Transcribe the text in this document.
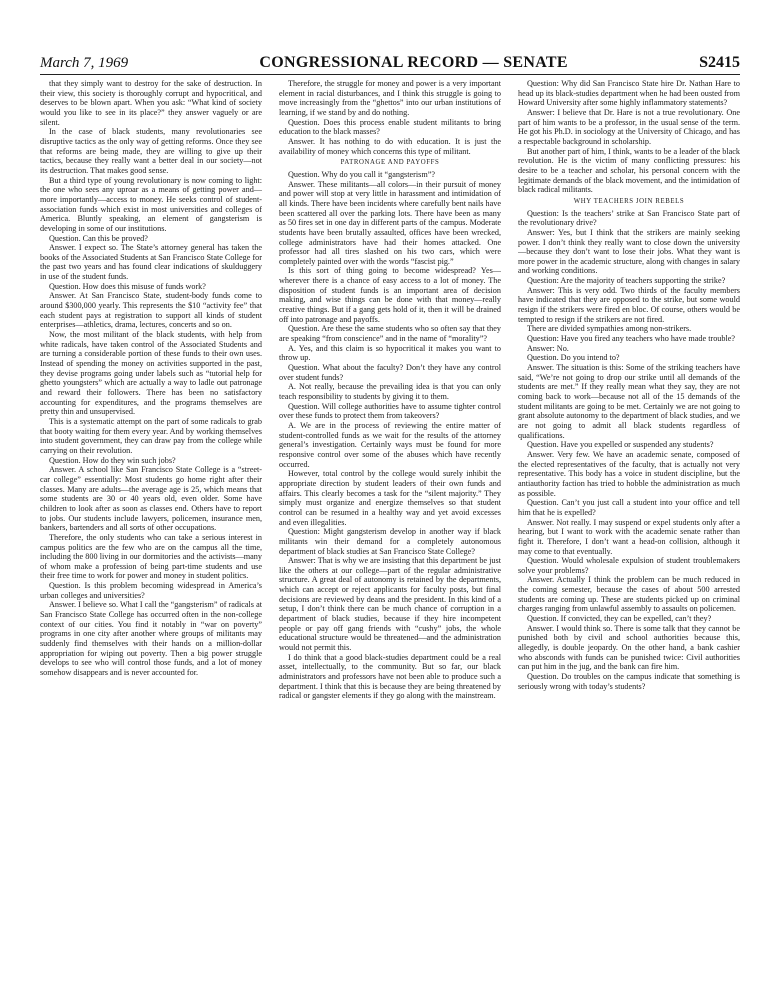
March 7, 1969	CONGRESSIONAL RECORD — SENATE	S2415

that they simply want to destroy for the sake of destruction. In their view, this society is thoroughly corrupt and hypocritical, and deserves to be blown apart. When you ask: “What kind of society would you like to see in its place?” they answer vaguely or are silent.

In the case of black students, many revolutionaries see disruptive tactics as the only way of getting reforms. Once they see that reforms are being made, they are willing to give up their tactics, because they really want a better deal in our society—not its destruction. That makes good sense.

But a third type of young revolutionary is now coming to light: the one who sees any uproar as a means of getting power and—more importantly—access to money. He seeks control of student-association funds which exist in most universities and colleges of America. Bluntly speaking, an element of gangsterism is developing in some of our institutions.

Question. Can this be proved?

Answer. I expect so. The State’s attorney general has taken the books of the Associated Students at San Francisco State College for the past two years and has found clear indications of skulduggery in use of the student funds.

Question. How does this misuse of funds work?

Answer. At San Francisco State, student-body funds come to around $300,000 yearly. This represents the $10 “activity fee” that each student pays at registration to support all kinds of student enterprises—athletics, drama, lectures, concerts and so on.

Now, the most militant of the black students, with help from white radicals, have taken control of the Associated Students and are turning a considerable portion of these funds to their own uses. Instead of spending the money on activities supported in the past, they devise programs going under labels such as “tutorial help for ghetto youngsters” which are actually a way to ladle out patronage and reward their followers. There has been no satisfactory accounting for expenditures, and the programs themselves are pretty thin and unsupervised.

This is a systematic attempt on the part of some radicals to grab that booty waiting for them every year. And by working themselves into student government, they can draw pay from the college while carrying on their revolution.

Question. How do they win such jobs?

Answer. A school like San Francisco State College is a “street-car college” essentially: Most students go home right after their classes. Many are adults—the average age is 25, which means that some students are 30 or 40 years old, even older. Some have children to look after as soon as classes end. Others have to report to jobs. Our students include lawyers, policemen, insurance men, bankers, bartenders and all sorts of other occupations.

Therefore, the only students who can take a serious interest in campus politics are the few who are on the campus all the time, including the 800 living in our dormitories and the activists—many of whom make a profession of being part-time students and use their free time to work for power and money in student politics.

Question. Is this problem becoming widespread in America’s urban colleges and universities?

Answer. I believe so. What I call the “gangsterism” of radicals at San Francisco State College has occurred often in the non-college context of our cities. You find it notably in “war on poverty” programs in one city after another where groups of militants may suddenly find themselves with their hands on a million-dollar appropriation for wiping out poverty. Then a big power struggle develops to see who will control those funds, and a lot of money somehow disappears and is never accounted for.

Therefore, the struggle for money and power is a very important element in racial disturbances, and I think this struggle is going to move increasingly from the “ghettos” into our urban institutions of learning, if we stand by and do nothing.

Question. Does this process enable student militants to bring education to the black masses?

Answer. It has nothing to do with education. It is just the availability of money which concerns this type of militant.

PATRONAGE AND PAYOFFS

Question. Why do you call it “gangsterism”?

Answer. These militants—all colors—in their pursuit of money and power will stop at very little in harassment and intimidation of all kinds. There have been incidents where carefully bent nails have been scattered all over the parking lots. There have been as many as 50 fires set in one day in different parts of the campus. Moderate students have been brutally assaulted, offices have been wrecked, college administrators have had their homes attacked. One professor had all tires slashed on his two cars, which were completely painted over with the words “fascist pig.”

Is this sort of thing going to become widespread? Yes—wherever there is a chance of easy access to a lot of money. The disposition of student funds is an important area of decision making, and wise things can be done with that money—really creative things. But if a gang gets hold of it, then it will be drained off into patronage and payoffs.

Question. Are these the same students who so often say that they are speaking “from conscience” and in the name of “morality”?

A. Yes, and this claim is so hypocritical it makes you want to throw up.

Question. What about the faculty? Don’t they have any control over student funds?

A. Not really, because the prevailing idea is that you can only teach responsibility to students by giving it to them.

Question. Will college authorities have to assume tighter control over these funds to protect them from takeovers?

A. We are in the process of reviewing the entire matter of student-controlled funds as we wait for the results of the attorney general’s investigation. Certainly ways must be found for more responsive control over some of the abuses which have recently occurred.

However, total control by the college would surely inhibit the appropriate direction by student leaders of their own funds and affairs. This clearly becomes a task for the “silent majority.” They simply must organize and energize themselves so that student control can be resumed in a healthy way and yet avoid excesses and even illegalities.

Question: Might gangsterism develop in another way if black militants win their demand for a completely autonomous department of black studies at San Francisco State College?

Answer: That is why we are insisting that this department be just like the others at our college—part of the regular administrative structure. A great deal of autonomy is retained by the departments, which can accept or reject applicants for faculty posts, but final decisions are reviewed by deans and the president. In this kind of a setup, I don’t think there can be much chance of corruption in a department of black studies, because if they hire incompetent people or pay off gang friends with “cushy” jobs, the whole educational structure would be threatened—and the administration would not permit this.

I do think that a good black-studies department could be a real asset, intellectually, to the community. But so far, our black administrators and professors have not been able to produce such a department. I think that this is because they are being threatened by radical or gangster elements if they go along with the mainstream.

Question: Why did San Francisco State hire Dr. Nathan Hare to head up its black-studies department when he had been ousted from Howard University after some highly inflammatory statements?

Answer: I believe that Dr. Hare is not a true revolutionary. One part of him wants to be a professor, in the usual sense of the term. He got his Ph.D. in sociology at the University of Chicago, and has a respectable background in scholarship.

But another part of him, I think, wants to be a leader of the black revolution. He is the victim of many conflicting pressures: his desire to be a teacher and scholar, his personal concern with the legitimate demands of the black movement, and the intimidation of black radical militants.

WHY TEACHERS JOIN REBELS

Question: Is the teachers’ strike at San Francisco State part of the revolutionary drive?

Answer: Yes, but I think that the strikers are mainly seeking power. I don’t think they really want to close down the university—because they don’t want to lose their jobs. What they want is more power in the academic structure, along with changes in salary and working conditions.

Question: Are the majority of teachers supporting the strike?

Answer: This is very odd. Two thirds of the faculty members have indicated that they are opposed to the strike, but some would resign if the strikers were fired en bloc. Of course, others would be tempted to resign if the strikers are not fired.

There are divided sympathies among non-strikers.

Question: Have you fired any teachers who have made trouble?

Answer: No.

Question. Do you intend to?

Answer. The situation is this: Some of the striking teachers have said, “We’re not going to drop our strike until all demands of the students are met.” If they really mean what they say, they are not coming back to work—because not all of the 15 demands of the student militants are going to be met. Certainly we are not going to grant absolute autonomy to the department of black studies, and we are not going to admit all black students regardless of qualifications.

Question. Have you expelled or suspended any students?

Answer. Very few. We have an academic senate, composed of the elected representatives of the faculty, that is actually not very representative. This body has a voice in student discipline, but the antiauthority faction has tried to hobble the administration as much as possible.

Question. Can’t you just call a student into your office and tell him that he is expelled?

Answer. Not really. I may suspend or expel students only after a hearing, but I want to work with the academic senate rather than fight it. Therefore, I don’t want a head-on collision, although it may come to that eventually.

Question. Would wholesale expulsion of student troublemakers solve your problems?

Answer. Actually I think the problem can be much reduced in the coming semester, because the cases of about 500 arrested students are coming up. These are students picked up on criminal charges ranging from unlawful assembly to assaults on policemen.

Question. If convicted, they can be expelled, can’t they?

Answer. I would think so. There is some talk that they cannot be punished both by civil and school authorities because this, allegedly, is double jeopardy. On the other hand, a bank cashier who absconds with funds can be punished twice: Civil authorities can put him in the jug, and the bank can fire him.

Question. Do troubles on the campus indicate that something is seriously wrong with today’s students?
